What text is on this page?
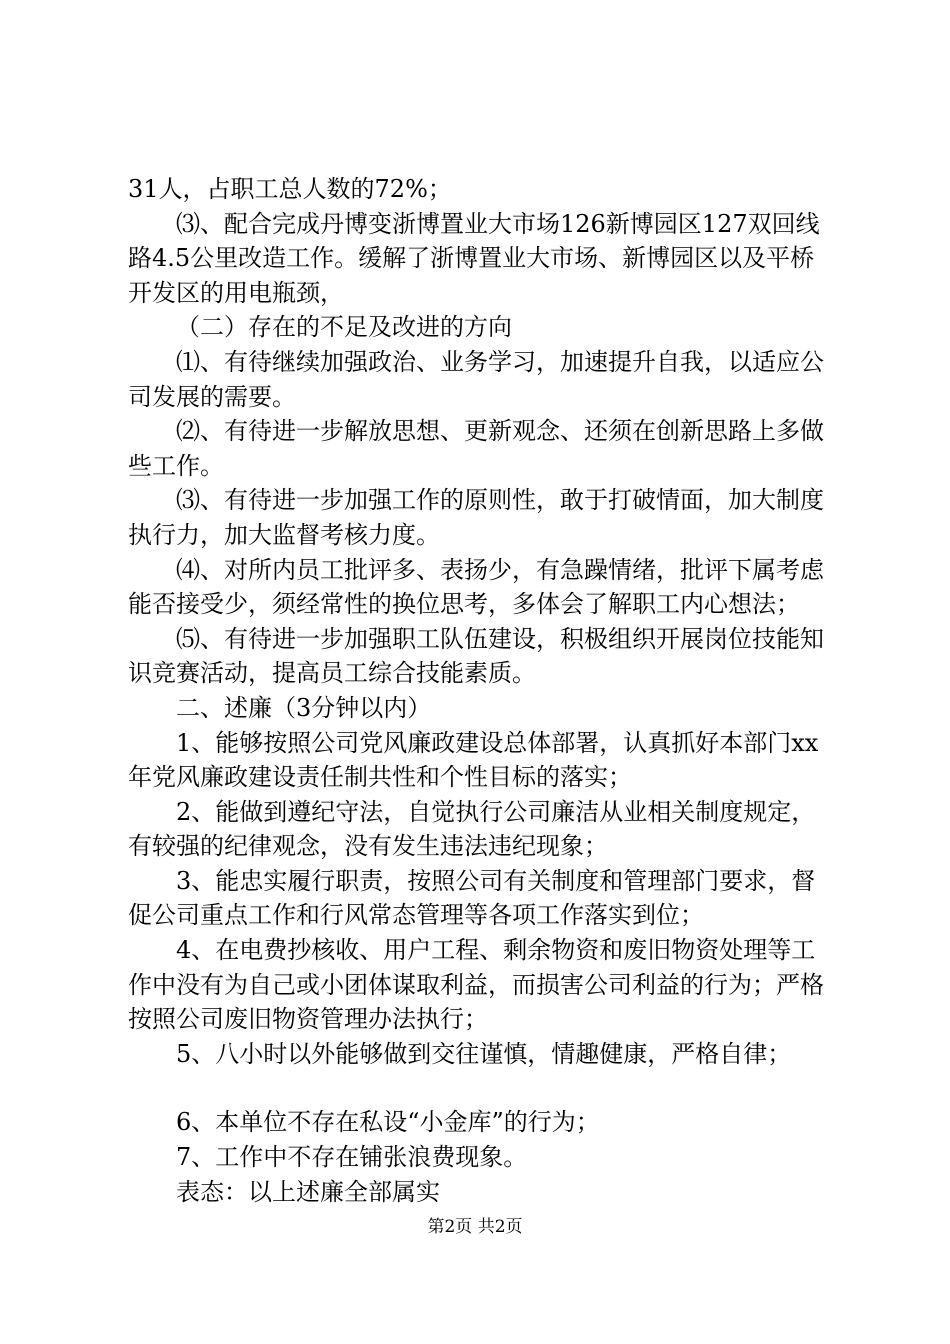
31人，占职工总人数的72%；

⑶、配合完成丹博变浙博置业大市场126新博园区127双回线路4.5公里改造工作。缓解了浙博置业大市场、新博园区以及平桥开发区的用电瓶颈，

（二）存在的不足及改进的方向

⑴、有待继续加强政治、业务学习，加速提升自我，以适应公司发展的需要。

⑵、有待进一步解放思想、更新观念、还须在创新思路上多做些工作。

⑶、有待进一步加强工作的原则性，敢于打破情面，加大制度执行力，加大监督考核力度。

⑷、对所内员工批评多、表扬少，有急躁情绪，批评下属考虑能否接受少，须经常性的换位思考，多体会了解职工内心想法；

⑸、有待进一步加强职工队伍建设，积极组织开展岗位技能知识竞赛活动，提高员工综合技能素质。

二、述廉（3分钟以内）

1、能够按照公司党风廉政建设总体部署，认真抓好本部门xx年党风廉政建设责任制共性和个性目标的落实；

2、能做到遵纪守法，自觉执行公司廉洁从业相关制度规定，有较强的纪律观念，没有发生违法违纪现象；

3、能忠实履行职责，按照公司有关制度和管理部门要求，督促公司重点工作和行风常态管理等各项工作落实到位；

4、在电费抄核收、用户工程、剩余物资和废旧物资处理等工作中没有为自己或小团体谋取利益，而损害公司利益的行为；严格按照公司废旧物资管理办法执行；

5、八小时以外能够做到交往谨慎，情趣健康，严格自律；

6、本单位不存在私设“小金库”的行为；

7、工作中不存在铺张浪费现象。

表态：以上述廉全部属实

第2页 共2页
